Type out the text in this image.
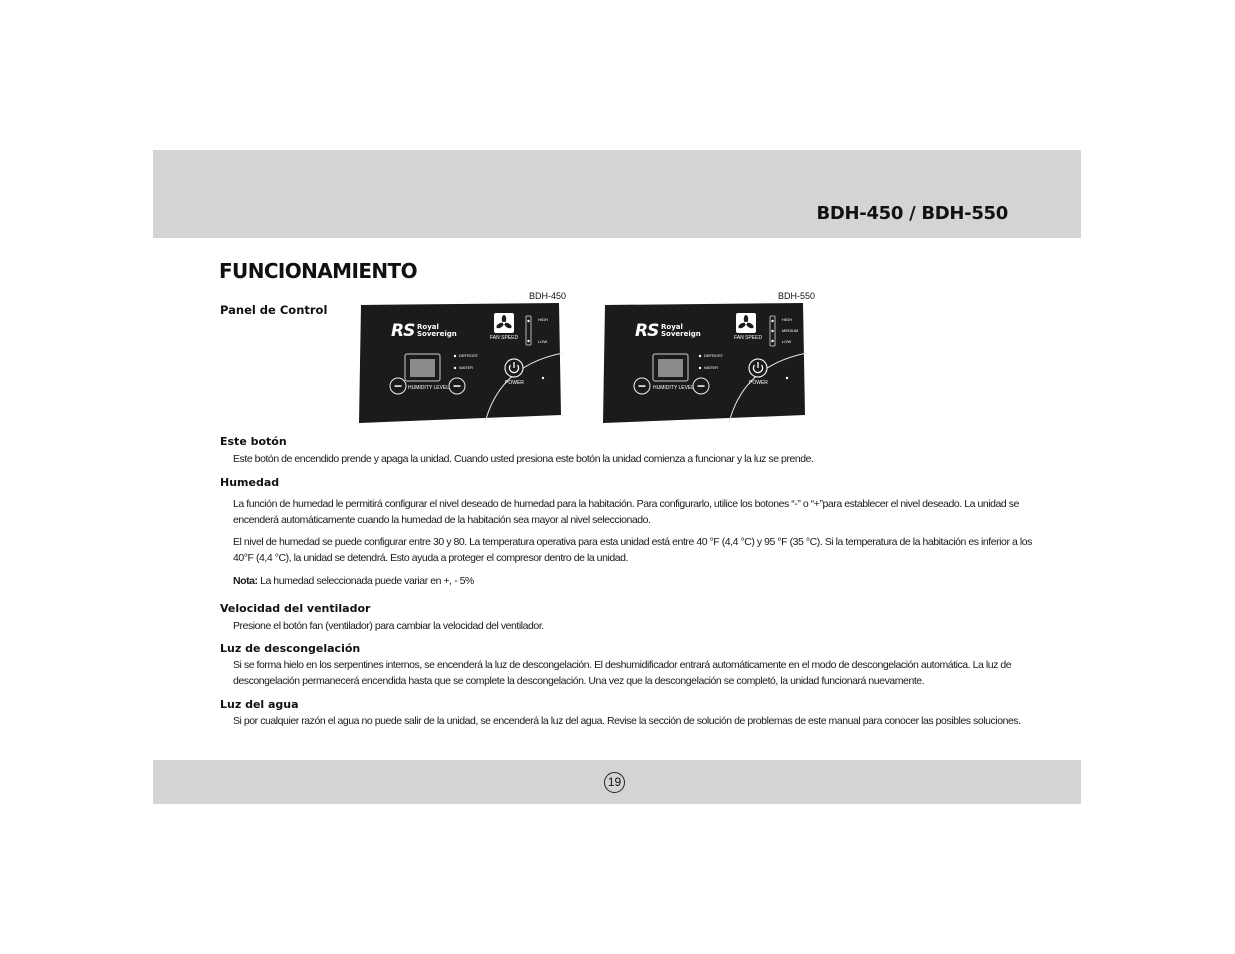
BDH-450 / BDH-550
FUNCIONAMIENTO
Panel de Control
BDH-450	BDH-550
RS Royal
Sovereign	FAN SPEED
HIGH
LOW
DEFROST
WATER
HUMIDITY LEVEL
POWER
RS Royal
Sovereign	FAN SPEED
HIGH
MEDIUM
LOW
DEFROST
WATER
HUMIDITY LEVEL
POWER
Este botón

Este botón de encendido prende y apaga la unidad. Cuando usted presiona este botón la unidad comienza a funcionar y la luz se prende.

Humedad

La función de humedad le permitirá configurar el nivel deseado de humedad para la habitación. Para configurarlo, utilice los botones “-” o “+”para establecer el nivel deseado. La unidad se
encenderá automáticamente cuando la humedad de la habitación sea mayor al nivel seleccionado.

El nivel de humedad se puede configurar entre 30 y 80. La temperatura operativa para esta unidad está entre 40 °F (4,4 °C) y 95 °F (35 °C). Si la temperatura de la habitación es inferior a los
40°F (4,4 °C), la unidad se detendrá. Esto ayuda a proteger el compresor dentro de la unidad.

Nota: La humedad seleccionada puede variar en +, - 5%

Velocidad del ventilador

Presione el botón fan (ventilador) para cambiar la velocidad del ventilador.

Luz de descongelación

Si se forma hielo en los serpentines internos, se encenderá la luz de descongelación. El deshumidificador entrará automáticamente en el modo de descongelación automática. La luz de
descongelación permanecerá encendida hasta que se complete la descongelación. Una vez que la descongelación se completó, la unidad funcionará nuevamente.

Luz del agua

Si por cualquier razón el agua no puede salir de la unidad, se encenderá la luz del agua. Revise la sección de solución de problemas de este manual para conocer las posibles soluciones.

19
